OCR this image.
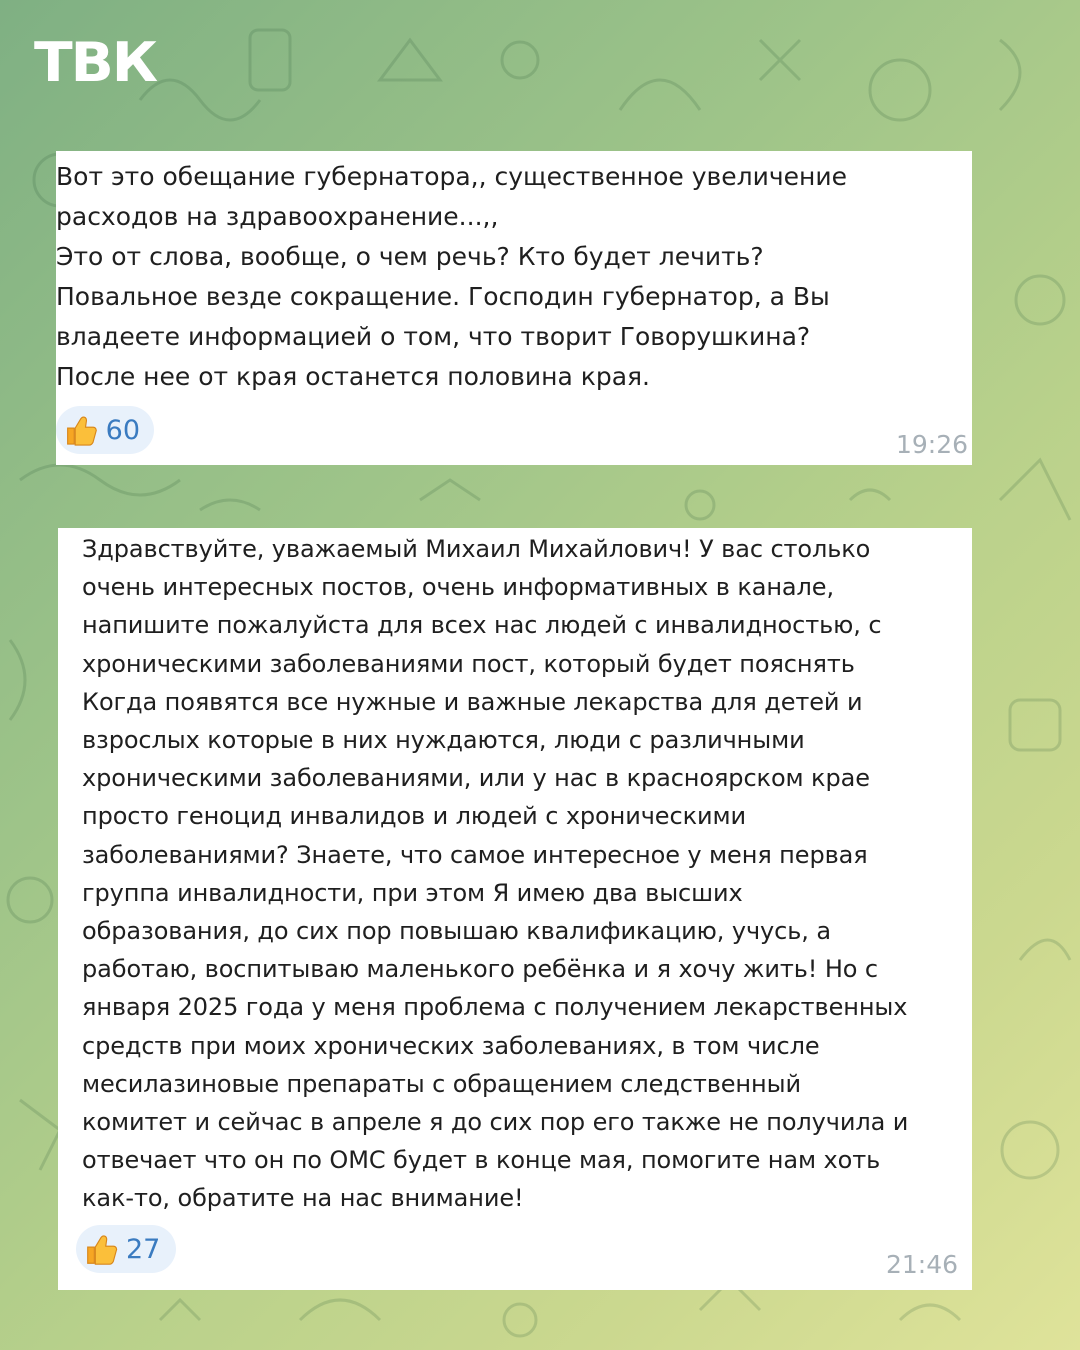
ТВК
Вот это обещание губернатора,, существенное увеличение
расходов на здравоохранение...,,
Это от слова, вообще, о чем речь? Кто будет лечить?
Повальное везде сокращение. Господин губернатор, а Вы
владеете информацией о том, что творит Говорушкина?
После нее от края останется половина края.
60	19:26
Здравствуйте, уважаемый Михаил Михайлович! У вас столько
очень интересных постов, очень информативных в канале,
напишите пожалуйста для всех нас людей с инвалидностью, с
хроническими заболеваниями пост, который будет пояснять
Когда появятся все нужные и важные лекарства для детей и
взрослых которые в них нуждаются, люди с различными
хроническими заболеваниями, или у нас в красноярском крае
просто геноцид инвалидов и людей с хроническими
заболеваниями? Знаете, что самое интересное у меня первая
группа инвалидности, при этом Я имею два высших
образования, до сих пор повышаю квалификацию, учусь, а
работаю, воспитываю маленького ребёнка и я хочу жить! Но с
января 2025 года у меня проблема с получением лекарственных
средств при моих хронических заболеваниях, в том числе
месилазиновые препараты с обращением следственный
комитет и сейчас в апреле я до сих пор его также не получила и
отвечает что он по ОМС будет в конце мая, помогите нам хоть
как-то, обратите на нас внимание!
27	21:46
